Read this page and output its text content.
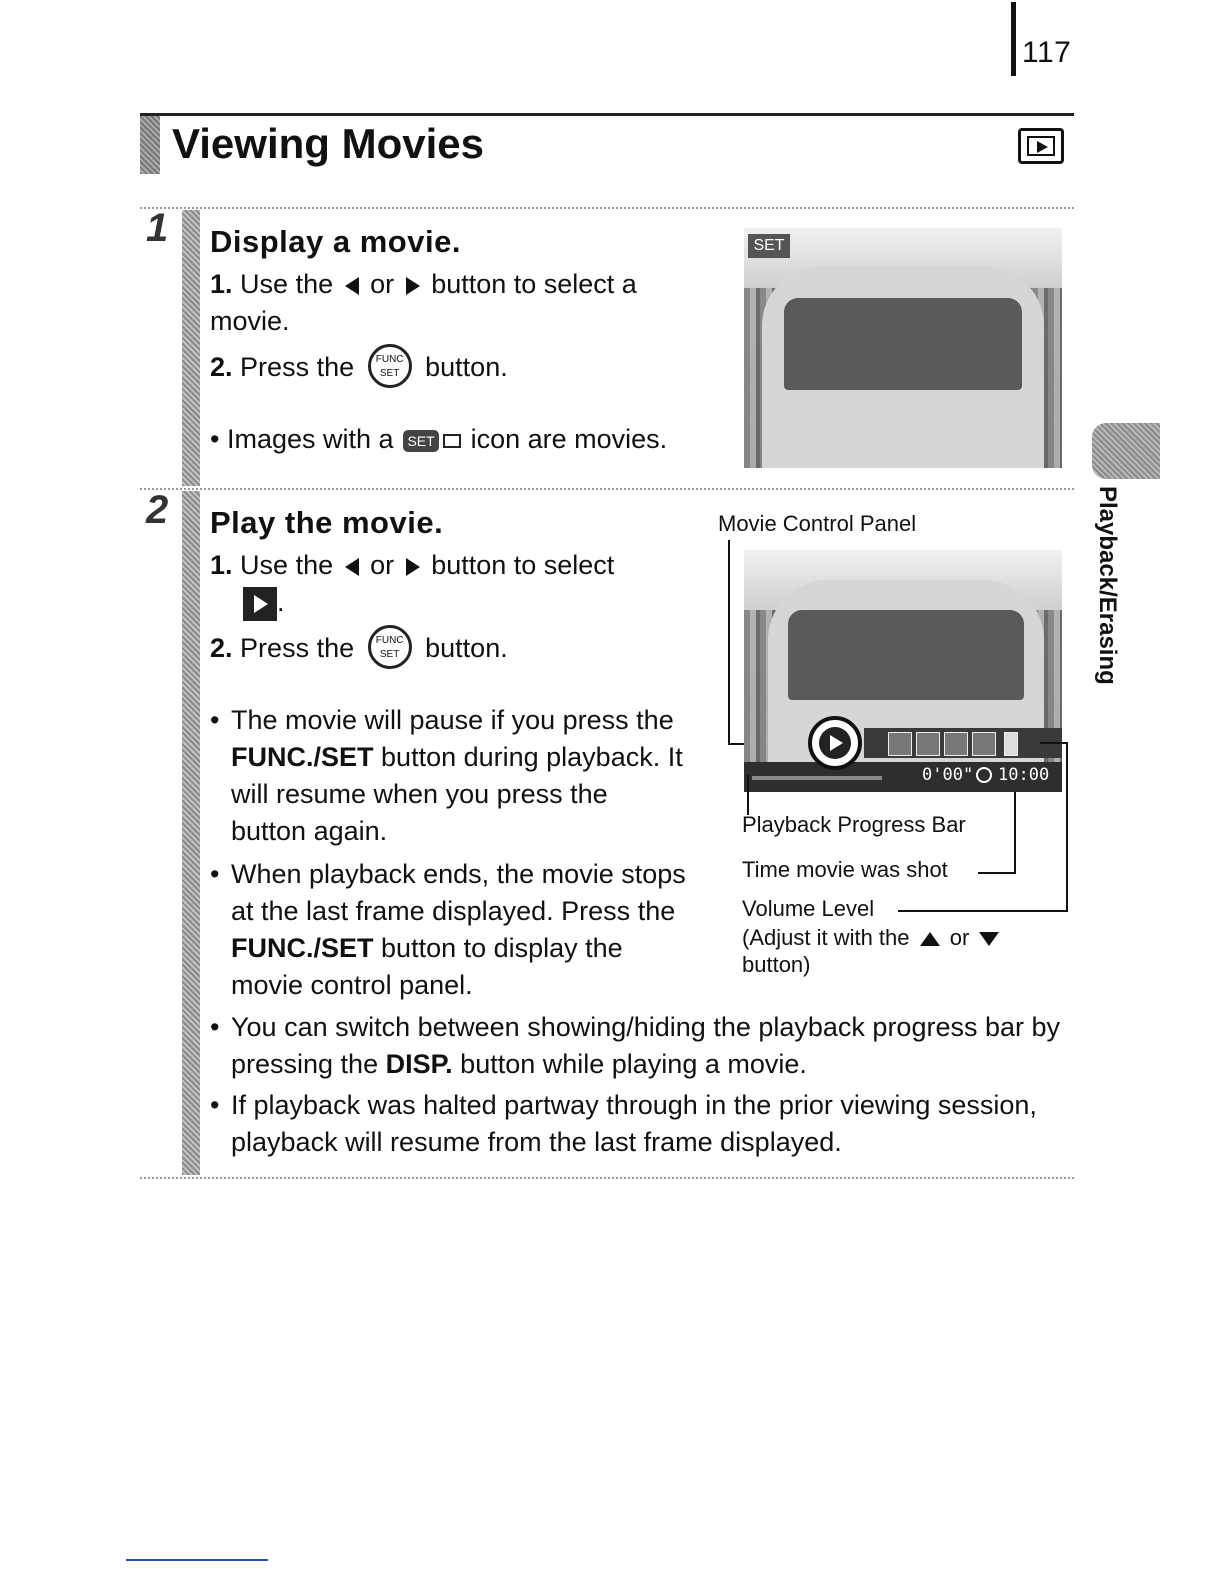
117
Viewing Movies
1 Display a movie.
1. Use the or button to select a movie.
2. Press the FUNC SET button.
• Images with a SET icon are movies.
SET
2 Play the movie.
1. Use the or button to select
.
2. Press the FUNC SET button.
• The movie will pause if you press the FUNC./SET button during playback. It will resume when you press the button again.
• When playback ends, the movie stops at the last frame displayed. Press the FUNC./SET button to display the movie control panel.
• You can switch between showing/hiding the playback progress bar by pressing the DISP. button while playing a movie.
• If playback was halted partway through in the prior viewing session, playback will resume from the last frame displayed.
Movie Control Panel
0'00" 10:00
Playback Progress Bar
Time movie was shot
Volume Level
(Adjust it with the or
button)
Playback/Erasing
